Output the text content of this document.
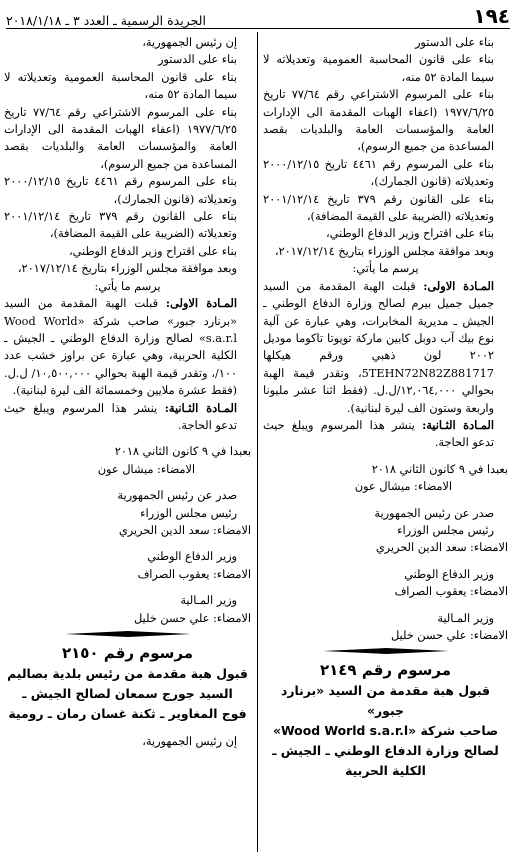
١٩٤
الجريدة الرسمية ـ العدد ٣ ـ ٢٠١٨/١/١٨

بناء على الدستور

بناء على قانون المحاسبة العمومية وتعديلاته لا سيما المادة ٥٢ منه،

بناء على المرسوم الاشتراعي رقم ٧٧/٦٤ تاريخ ١٩٧٧/٦/٢٥ (اعفاء الهبات المقدمة الى الإدارات العامة والمؤسسات العامة والبلديات بقصد المساعدة من جميع الرسوم)،

بناء على المرسوم رقم ٤٤٦١ تاريخ ٢٠٠٠/١٢/١٥ وتعديلاته (قانون الجمارك)،

بناء على القانون رقم ٣٧٩ تاريخ ٢٠٠١/١٢/١٤ وتعديلاته (الضريبة على القيمة المضافة)،

بناء على اقتراح وزير الدفاع الوطني،

وبعد موافقة مجلس الوزراء بتاريخ ٢٠١٧/١٢/١٤،

يرسم ما يأتي:

المـادة الاولى: قبلت الهبة المقدمة من السيد جميل جميل بيرم لصالح وزارة الدفاع الوطني ـ الجيش ـ مديرية المخابرات، وهي عبارة عن آلية نوع بيك آب دوبل كابين ماركة تويوتا تاكوما موديل ٢٠٠٢ لون ذهبي ورقم هيكلها 5TEHN72N82Z881717، وتقدر قيمة الهبة بحوالي ١٢,٠٦٤,٠٠٠/ل.ل. (فقط اثنا عشر مليونا واربعة وستون الف ليرة لبنانية).

المـادة الثـانية: ينشر هذا المرسوم ويبلغ حيث تدعو الحاجة.

بعبدا في ٩ كانون الثاني ٢٠١٨

الامضاء: ميشال عون

صدر عن رئيس الجمهورية

رئيس مجلس الوزراء

الامضاء: سعد الدين الحريري

وزير الدفاع الوطني

الامضاء: يعقوب الصراف

وزير المـالية

الامضاء: علي حسن خليل

مرسوم رقم ٢١٤٩

قبول هبة مقدمة من السيد «برنارد جبور»

صاحب شركة «Wood World s.a.r.l»

لصالح وزارة الدفاع الوطني ـ الجيش ـ

الكلية الحربية

إن رئيس الجمهورية،

بناء على الدستور

بناء على قانون المحاسبة العمومية وتعديلاته لا سيما المادة ٥٢ منه،

بناء على المرسوم الاشتراعي رقم ٧٧/٦٤ تاريخ ١٩٧٧/٦/٢٥ (اعفاء الهبات المقدمة الى الإدارات العامة والمؤسسات العامة والبلديات بقصد المساعدة من جميع الرسوم)،

بناء على المرسوم رقم ٤٤٦١ تاريخ ٢٠٠٠/١٢/١٥ وتعديلاته (قانون الجمارك)،

بناء على القانون رقم ٣٧٩ تاريخ ٢٠٠١/١٢/١٤ وتعديلاته (الضريبة على القيمة المضافة)،

بناء على اقتراح وزير الدفاع الوطني،

وبعد موافقة مجلس الوزراء بتاريخ ٢٠١٧/١٢/١٤،

يرسم ما يأتي:

المـادة الاولى: قبلت الهبة المقدمة من السيد «برنارد جبور» صاحب شركة «Wood World s.a.r.l» لصالح وزارة الدفاع الوطني ـ الجيش ـ الكلية الحربية، وهي عبارة عن براوز خشب عدد ١٠٠/، وتقدر قيمة الهبة بحوالي ١٠,٥٠٠,٠٠٠/ ل.ل. (فقط عشرة ملايين وخمسمائة الف ليرة لبنانية).

المـادة الثـانية: ينشر هذا المرسوم ويبلغ حيث تدعو الحاجة.

بعبدا في ٩ كانون الثاني ٢٠١٨

الامضاء: ميشال عون

صدر عن رئيس الجمهورية

رئيس مجلس الوزراء

الامضاء: سعد الدين الحريري

وزير الدفاع الوطني

الامضاء: يعقوب الصراف

وزير المـالية

الامضاء: علي حسن خليل

مرسوم رقم ٢١٥٠

قبول هبة مقدمة من رئيس بلدية بصاليم

السيد جورج سمعان لصالح الجيش ـ

فوج المغاوير ـ ثكنة غسان رمان ـ رومية

إن رئيس الجمهورية،
